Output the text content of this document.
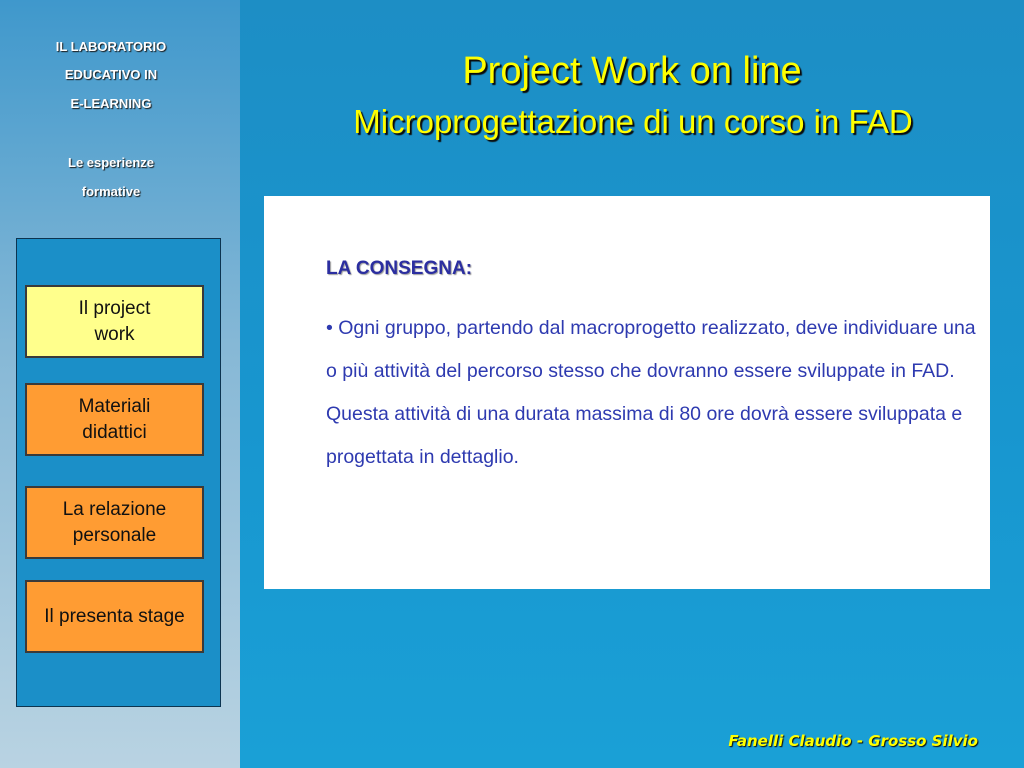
IL LABORATORIO
EDUCATIVO IN
E-LEARNING
Le esperienze
formative
Il project
work
Materiali
didattici
La relazione
personale
Il presenta stage
Project Work on line
Microprogettazione di un corso in FAD
LA CONSEGNA:
• Ogni gruppo, partendo dal macroprogetto realizzato, deve individuare una o più attività del percorso stesso che dovranno essere sviluppate in FAD. Questa attività di una durata massima di 80 ore dovrà essere sviluppata e progettata in dettaglio.
Fanelli Claudio - Grosso Silvio
